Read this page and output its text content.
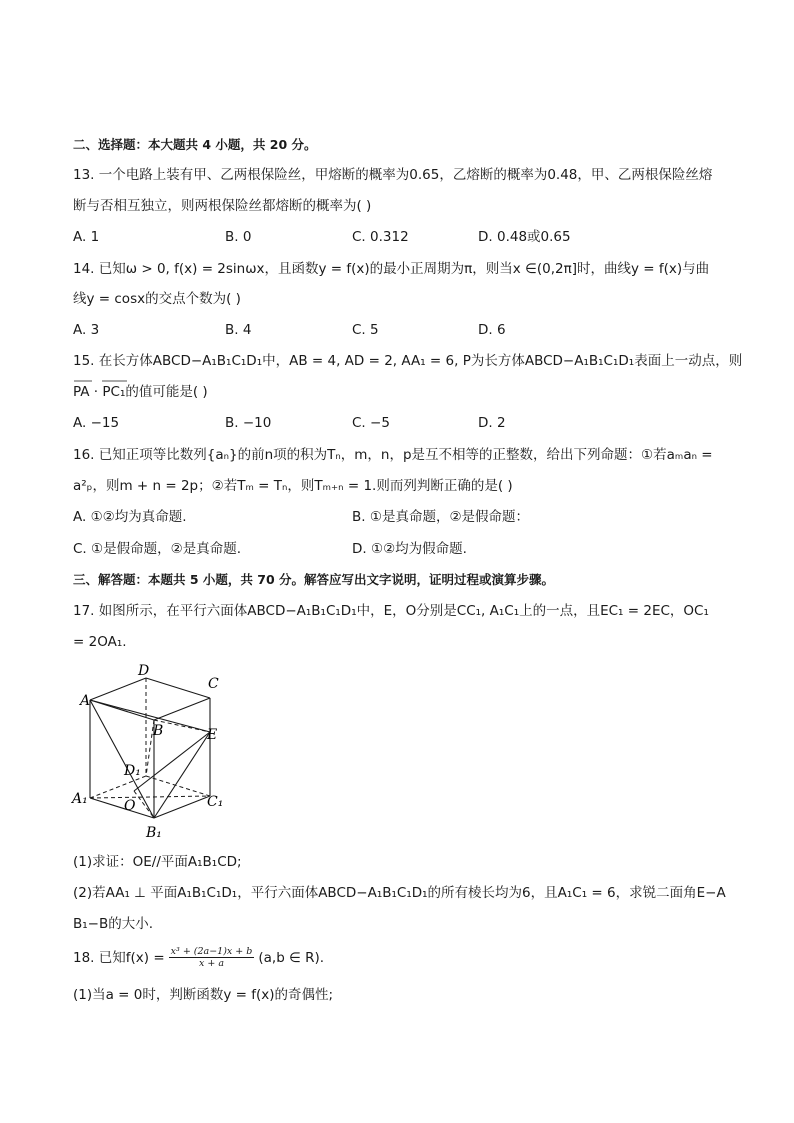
二、选择题：本大题共 4 小题，共 20 分。
13. 一个电路上装有甲、乙两根保险丝，甲熔断的概率为0.65，乙熔断的概率为0.48，甲、乙两根保险丝熔
断与否相互独立，则两根保险丝都熔断的概率为( )
A. 1	B. 0	C. 0.312	D. 0.48或0.65
14. 已知ω > 0, f(x) = 2sinωx，且函数y = f(x)的最小正周期为π，则当x ∈(0,2π]时，曲线y = f(x)与曲
线y = cosx的交点个数为( )
A. 3	B. 4	C. 5	D. 6
15. 在长方体ABCD−A₁B₁C₁D₁中，AB = 4, AD = 2, AA₁ = 6, P为长方体ABCD−A₁B₁C₁D₁表面上一动点，则
PA · PC₁的值可能是( )
A. −15	B. −10	C. −5	D. 2
16. 已知正项等比数列{aₙ}的前n项的积为Tₙ，m，n，p是互不相等的正整数，给出下列命题：①若aₘaₙ =
a²ₚ，则m + n = 2p；②若Tₘ = Tₙ，则Tₘ₊ₙ = 1.则而列判断正确的是( )
A. ①②均为真命题.	B. ①是真命题，②是假命题：
C. ①是假命题，②是真命题.	D. ①②均为假命题.
三、解答题：本题共 5 小题，共 70 分。解答应写出文字说明，证明过程或演算步骤。
17. 如图所示，在平行六面体ABCD−A₁B₁C₁D₁中，E，O分别是CC₁, A₁C₁上的一点，且EC₁ = 2EC，OC₁
= 2OA₁.
A
D
C
B	E
D₁
A₁	O	C₁
B₁
(1)求证：OE//平面A₁B₁CD;
(2)若AA₁ ⊥ 平面A₁B₁C₁D₁，平行六面体ABCD−A₁B₁C₁D₁的所有棱长均为6，且A₁C₁ = 6，求锐二面角E−A
B₁−B的大小.
18. 已知$f(x) = \frac{\text{x³ + (2a−1)x + b}}{x + a} (a,b$ ∈ R).
(1)当a = 0时，判断函数y = f(x)的奇偶性;
